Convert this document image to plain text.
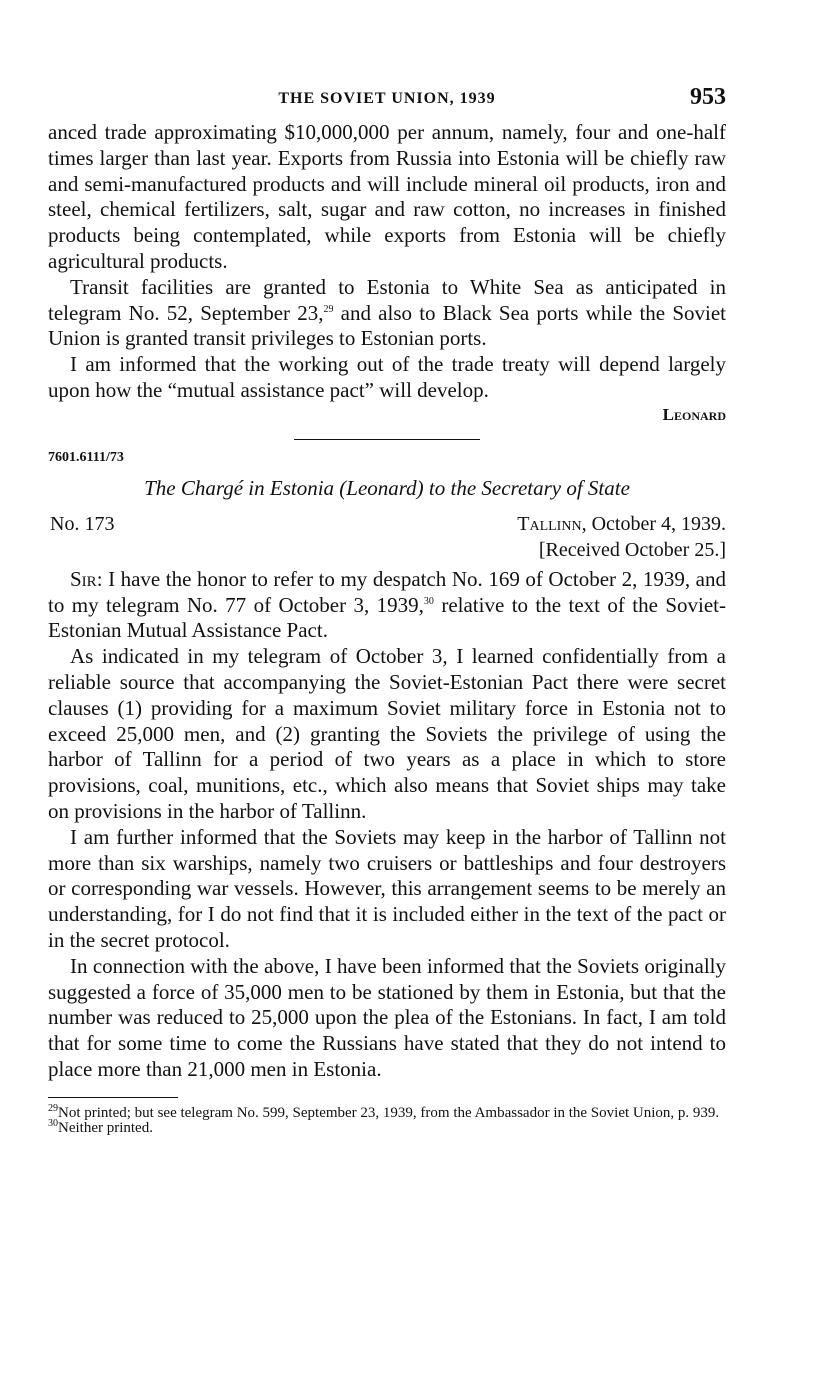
THE SOVIET UNION, 1939	953

anced trade approximating $10,000,000 per annum, namely, four and one-half times larger than last year. Exports from Russia into Estonia will be chiefly raw and semi-manufactured products and will include mineral oil products, iron and steel, chemical fertilizers, salt, sugar and raw cotton, no increases in finished products being contemplated, while exports from Estonia will be chiefly agricultural products.

Transit facilities are granted to Estonia to White Sea as anticipated in telegram No. 52, September 23,29 and also to Black Sea ports while the Soviet Union is granted transit privileges to Estonian ports.

I am informed that the working out of the trade treaty will depend largely upon how the “mutual assistance pact” will develop.

Leonard
7601.6111/73
The Chargé in Estonia (Leonard) to the Secretary of State
No. 173	Tallinn, October 4, 1939.
[Received October 25.]

Sir: I have the honor to refer to my despatch No. 169 of October 2, 1939, and to my telegram No. 77 of October 3, 1939,30 relative to the text of the Soviet-Estonian Mutual Assistance Pact.

As indicated in my telegram of October 3, I learned confidentially from a reliable source that accompanying the Soviet-Estonian Pact there were secret clauses (1) providing for a maximum Soviet military force in Estonia not to exceed 25,000 men, and (2) granting the Soviets the privilege of using the harbor of Tallinn for a period of two years as a place in which to store provisions, coal, munitions, etc., which also means that Soviet ships may take on provisions in the harbor of Tallinn.

I am further informed that the Soviets may keep in the harbor of Tallinn not more than six warships, namely two cruisers or battleships and four destroyers or corresponding war vessels. However, this arrangement seems to be merely an understanding, for I do not find that it is included either in the text of the pact or in the secret protocol.

In connection with the above, I have been informed that the Soviets originally suggested a force of 35,000 men to be stationed by them in Estonia, but that the number was reduced to 25,000 upon the plea of the Estonians. In fact, I am told that for some time to come the Russians have stated that they do not intend to place more than 21,000 men in Estonia.

$^{29}$Not printed; but see telegram No. 599, September 23, 1939, from the Ambassador in the Soviet Union, p. 939.
$^{30}$Neither printed.
